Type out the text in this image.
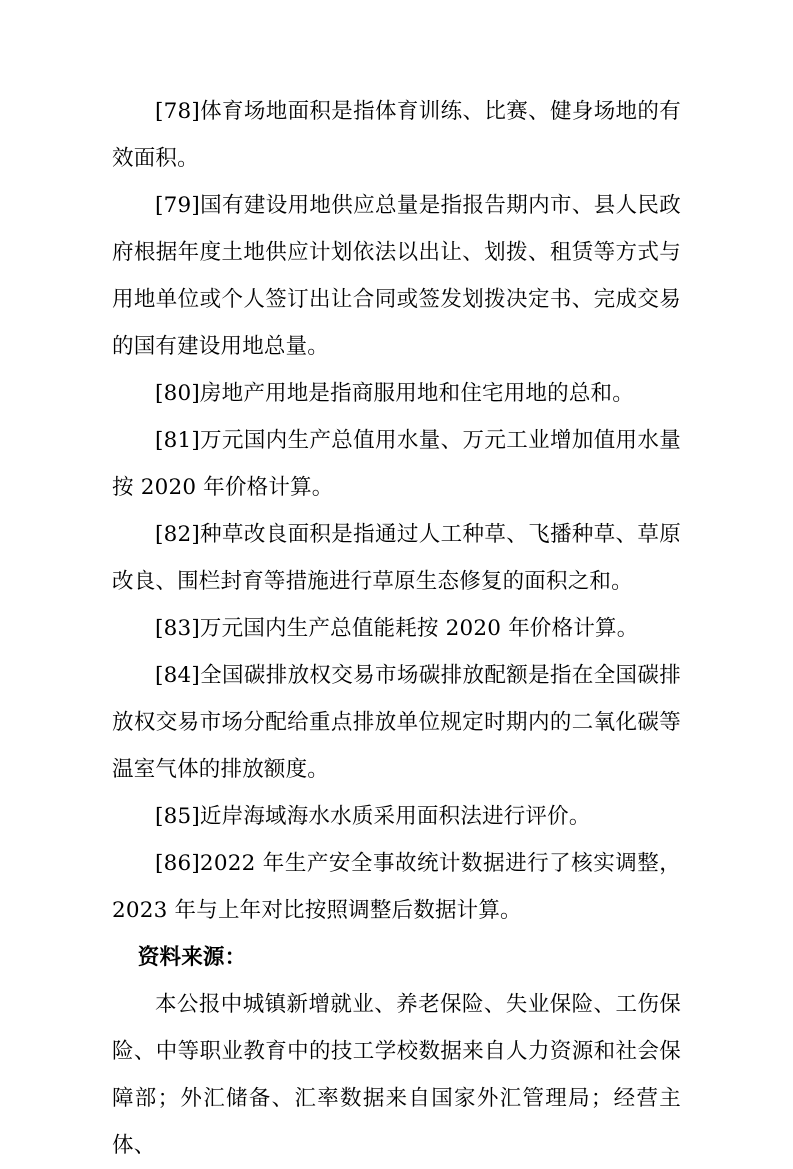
[78]体育场地面积是指体育训练、比赛、健身场地的有效面积。

[79]国有建设用地供应总量是指报告期内市、县人民政府根据年度土地供应计划依法以出让、划拨、租赁等方式与用地单位或个人签订出让合同或签发划拨决定书、完成交易的国有建设用地总量。

[80]房地产用地是指商服用地和住宅用地的总和。

[81]万元国内生产总值用水量、万元工业增加值用水量按 2020 年价格计算。

[82]种草改良面积是指通过人工种草、飞播种草、草原改良、围栏封育等措施进行草原生态修复的面积之和。

[83]万元国内生产总值能耗按 2020 年价格计算。

[84]全国碳排放权交易市场碳排放配额是指在全国碳排放权交易市场分配给重点排放单位规定时期内的二氧化碳等温室气体的排放额度。

[85]近岸海域海水水质采用面积法进行评价。

[86]2022 年生产安全事故统计数据进行了核实调整，2023 年与上年对比按照调整后数据计算。

资料来源：

本公报中城镇新增就业、养老保险、失业保险、工伤保险、中等职业教育中的技工学校数据来自人力资源和社会保障部；外汇储备、汇率数据来自国家外汇管理局；经营主体、
